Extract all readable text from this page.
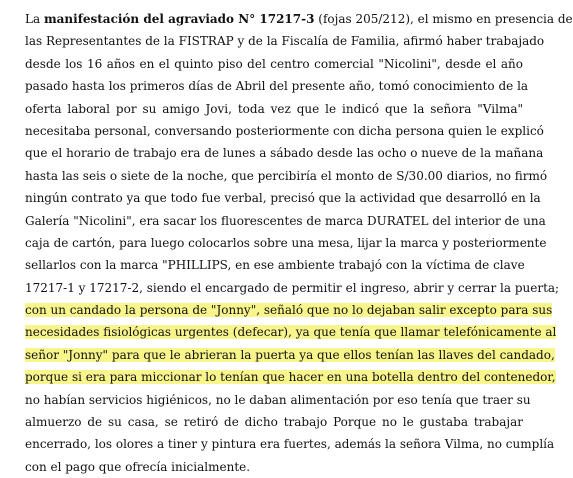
La manifestación del agraviado N° 17217-3 (fojas 205/212), el mismo en presencia de
las Representantes de la FISTRAP y de la Fiscalía de Familia, afirmó haber trabajado
desde los 16 años en el quinto piso del centro comercial "Nicolini", desde el año
pasado hasta los primeros días de Abril del presente año, tomó conocimiento de la
oferta laboral por su amigo Jovi, toda vez que le indicó que la señora "Vilma"
necesitaba personal, conversando posteriormente con dicha persona quien le explicó
que el horario de trabajo era de lunes a sábado desde las ocho o nueve de la mañana
hasta las seis o siete de la noche, que percibiría el monto de S/30.00 diarios, no firmó
ningún contrato ya que todo fue verbal, precisó que la actividad que desarrolló en la
Galería "Nicolini", era sacar los fluorescentes de marca DURATEL del interior de una
caja de cartón, para luego colocarlos sobre una mesa, lijar la marca y posteriormente
sellarlos con la marca "PHILLIPS, en ese ambiente trabajó con la víctima de clave
17217-1 y 17217-2, siendo el encargado de permitir el ingreso, abrir y cerrar la puerta;
con un candado la persona de "Jonny", señaló que no lo dejaban salir excepto para sus
necesidades fisiológicas urgentes (defecar), ya que tenía que llamar telefónicamente al
señor "Jonny" para que le abrieran la puerta ya que ellos tenían las llaves del candado,
porque si era para miccionar lo tenían que hacer en una botella dentro del contenedor,
no habían servicios higiénicos, no le daban alimentación por eso tenía que traer su
almuerzo de su casa, se retiró de dicho trabajo Porque no le gustaba trabajar
encerrado, los olores a tiner y pintura era fuertes, además la señora Vilma, no cumplía
con el pago que ofrecía inicialmente.
